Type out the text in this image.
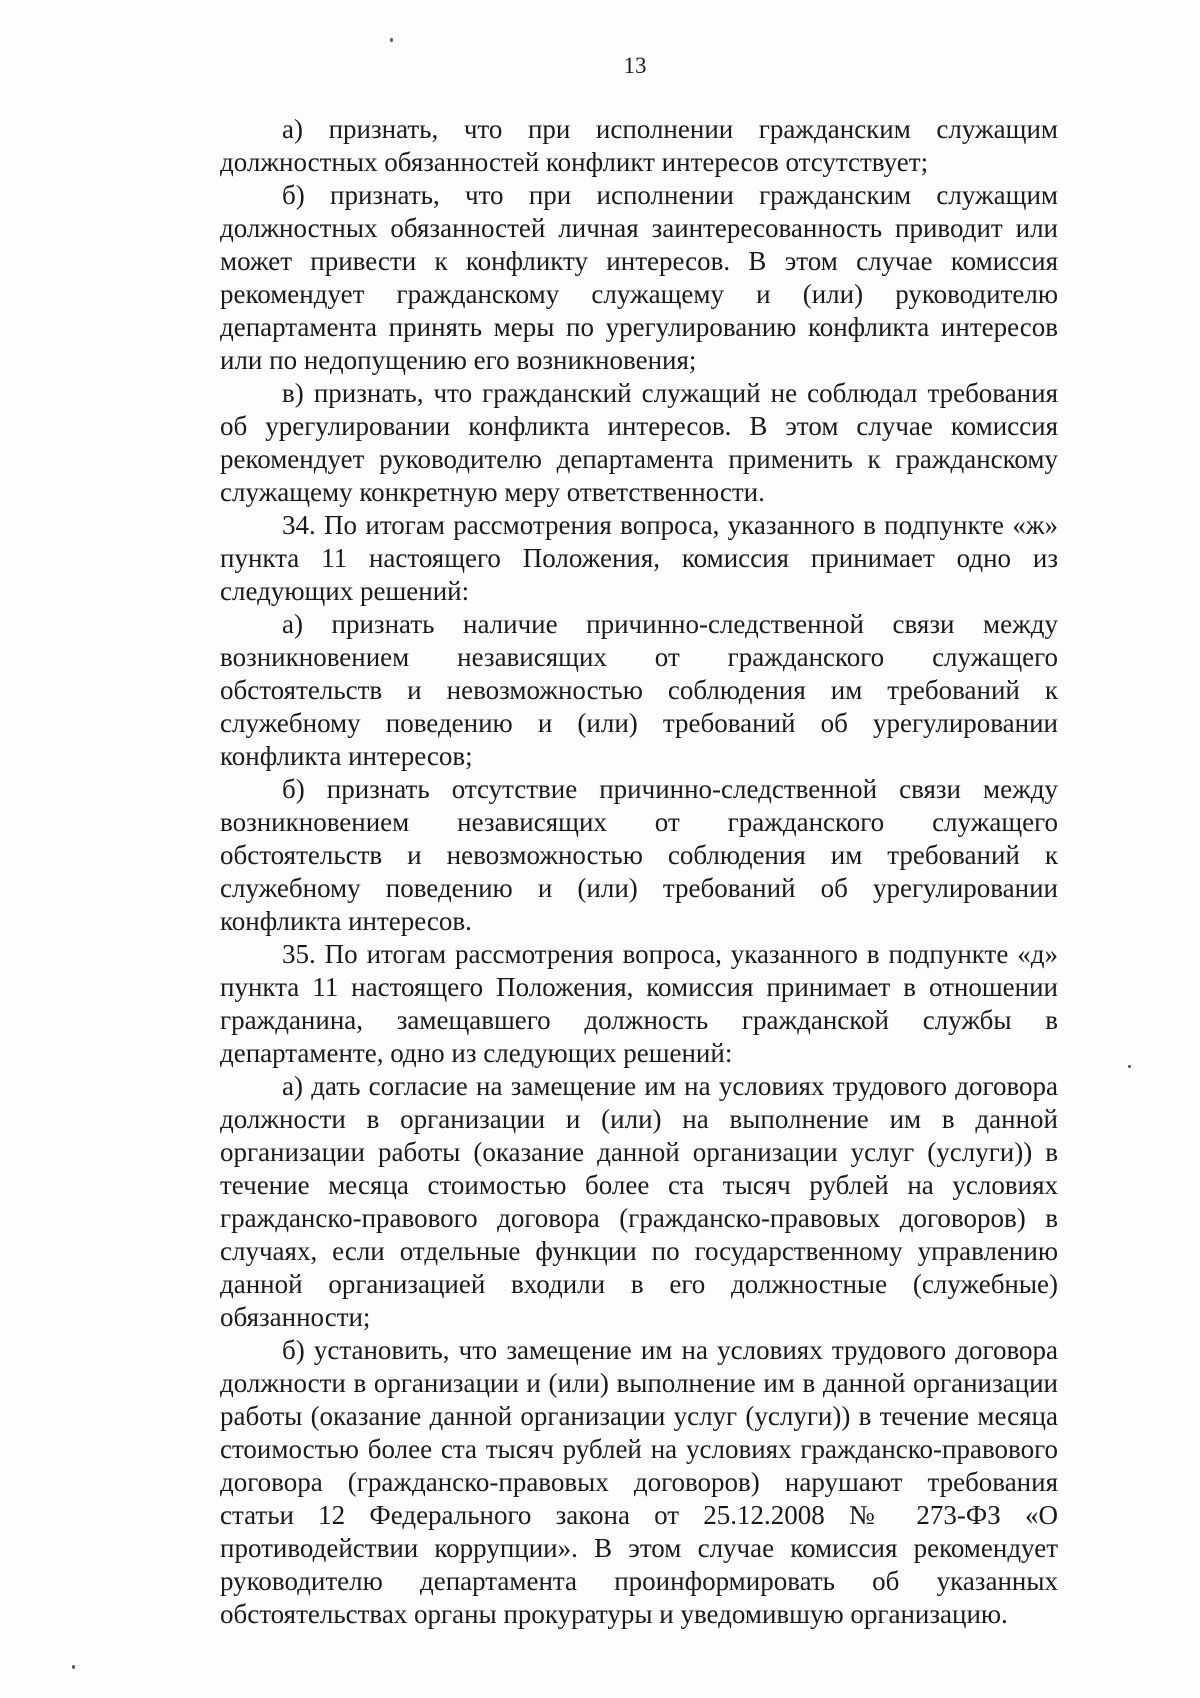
13

а) признать, что при исполнении гражданским служащим должностных обязанностей конфликт интересов отсутствует;

б) признать, что при исполнении гражданским служащим должностных обязанностей личная заинтересованность приводит или может привести к конфликту интересов. В этом случае комиссия рекомендует гражданскому служащему и (или) руководителю департамента принять меры по урегулированию конфликта интересов или по недопущению его возникновения;

в) признать, что гражданский служащий не соблюдал требования об урегулировании конфликта интересов. В этом случае комиссия рекомендует руководителю департамента применить к гражданскому служащему конкретную меру ответственности.

34. По итогам рассмотрения вопроса, указанного в подпункте «ж» пункта 11 настоящего Положения, комиссия принимает одно из следующих решений:

а) признать наличие причинно-следственной связи между возникновением независящих от гражданского служащего обстоятельств и невозможностью соблюдения им требований к служебному поведению и (или) требований об урегулировании конфликта интересов;

б) признать отсутствие причинно-следственной связи между возникновением независящих от гражданского служащего обстоятельств и невозможностью соблюдения им требований к служебному поведению и (или) требований об урегулировании конфликта интересов.

35. По итогам рассмотрения вопроса, указанного в подпункте «д» пункта 11 настоящего Положения, комиссия принимает в отношении гражданина, замещавшего должность гражданской службы в департаменте, одно из следующих решений:

а) дать согласие на замещение им на условиях трудового договора должности в организации и (или) на выполнение им в данной организации работы (оказание данной организации услуг (услуги)) в течение месяца стоимостью более ста тысяч рублей на условиях гражданско-правового договора (гражданско-правовых договоров) в случаях, если отдельные функции по государственному управлению данной организацией входили в его должностные (служебные) обязанности;

б) установить, что замещение им на условиях трудового договора должности в организации и (или) выполнение им в данной организации работы (оказание данной организации услуг (услуги)) в течение месяца стоимостью более ста тысяч рублей на условиях гражданско-правового договора (гражданско-правовых договоров) нарушают требования статьи 12 Федерального закона от 25.12.2008 № 273-ФЗ «О противодействии коррупции». В этом случае комиссия рекомендует руководителю департамента проинформировать об указанных обстоятельствах органы прокуратуры и уведомившую организацию.
